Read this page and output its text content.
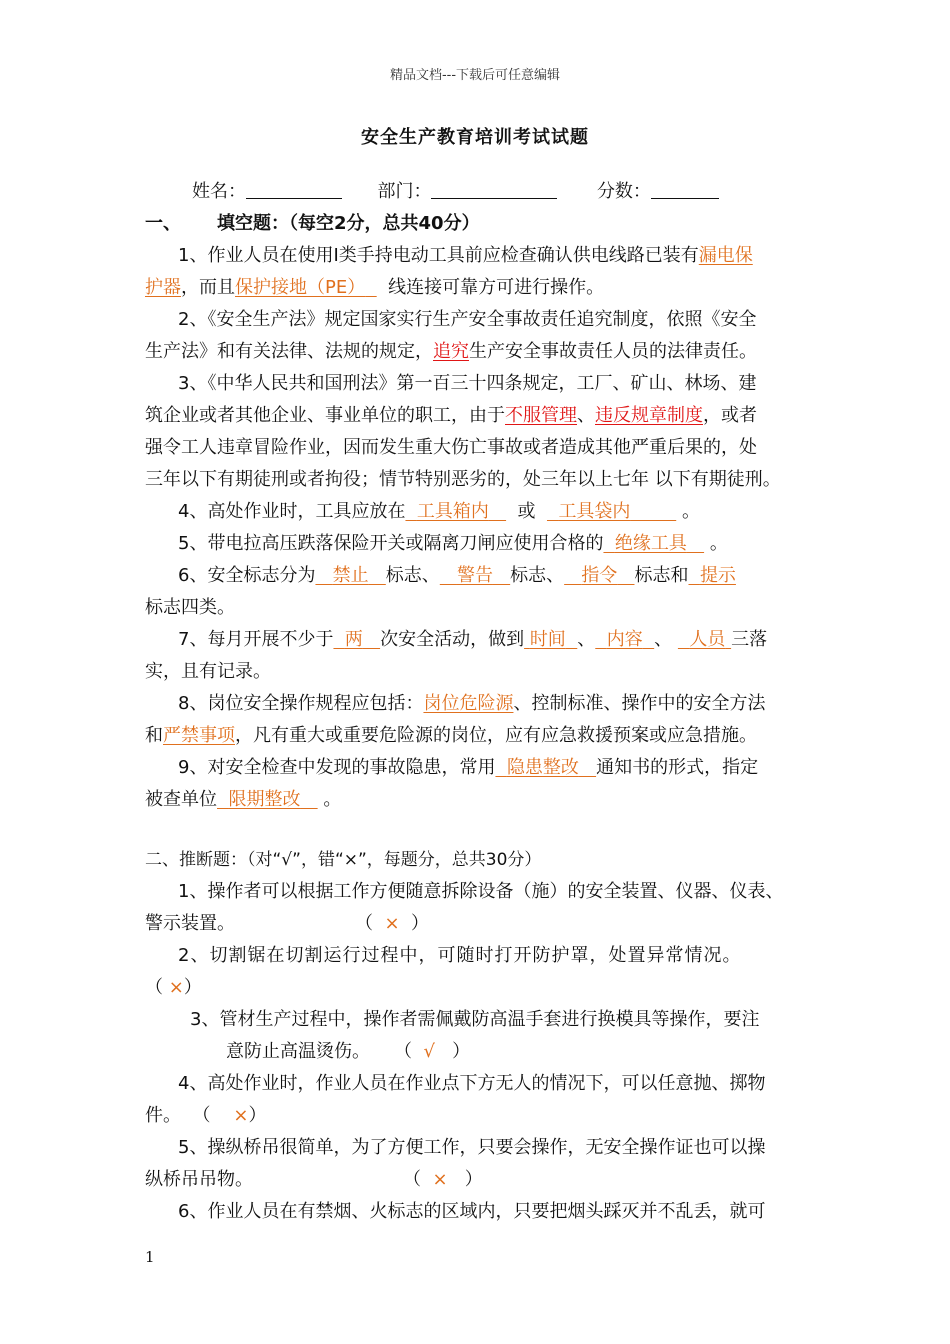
精品文档---下载后可任意编辑
安全生产教育培训考试试题
姓名：	部门：	分数：
一、 填空题：（每空2分，总共40分）
1、作业人员在使用Ⅰ类手持电动工具前应检查确认供电线路已装有漏电保
护器，而且保护接地（PE） 线连接可靠方可进行操作。
2、《安全生产法》规定国家实行生产安全事故责任追究制度，依照《安全
生产法》和有关法律、法规的规定，追究生产安全事故责任人员的法律责任。
3、《中华人民共和国刑法》第一百三十四条规定，工厂、矿山、林场、建
筑企业或者其他企业、事业单位的职工，由于不服管理、违反规章制度，或者
强令工人违章冒险作业，因而发生重大伤亡事故或者造成其他严重后果的，处
三年以下有期徒刑或者拘役；情节特别恶劣的，处三年以上七年 以下有期徒刑。
4、高处作业时，工具应放在 工具箱内 或 工具袋内	。
5、带电拉高压跌落保险开关或隔离刀闸应使用合格的 绝缘工具 。
6、安全标志分为 禁止 标志、 警告 标志、 指令 标志和 提示
标志四类。
7、每月开展不少于 两 次安全活动，做到 时间 、 内容 、 人员 三落
实，且有记录。
8、岗位安全操作规程应包括：岗位危险源、控制标准、操作中的安全方法
和严禁事项，凡有重大或重要危险源的岗位，应有应急救援预案或应急措施。
9、对安全检查中发现的事故隐患，常用 隐患整改 通知书的形式，指定
被查单位 限期整改 。
二、推断题：（对“√”，错“×”，每题分，总共30分）
1、操作者可以根据工作方便随意拆除设备（施）的安全装置、仪器、仪表、
警示装置。	（  ×  ）
2、切割锯在切割运行过程中，可随时打开防护罩，处置异常情况。
（ ×）
3、管材生产过程中，操作者需佩戴防高温手套进行换模具等操作，要注
意防止高温烫伤。 （  √   ）
4、高处作业时，作业人员在作业点下方无人的情况下，可以任意抛、掷物
件。  （    ×）
5、操纵桥吊很简单，为了方便工作，只要会操作，无安全操作证也可以操
纵桥吊吊物。	（  ×   ）
6、作业人员在有禁烟、火标志的区域内，只要把烟头踩灭并不乱丢，就可
1
